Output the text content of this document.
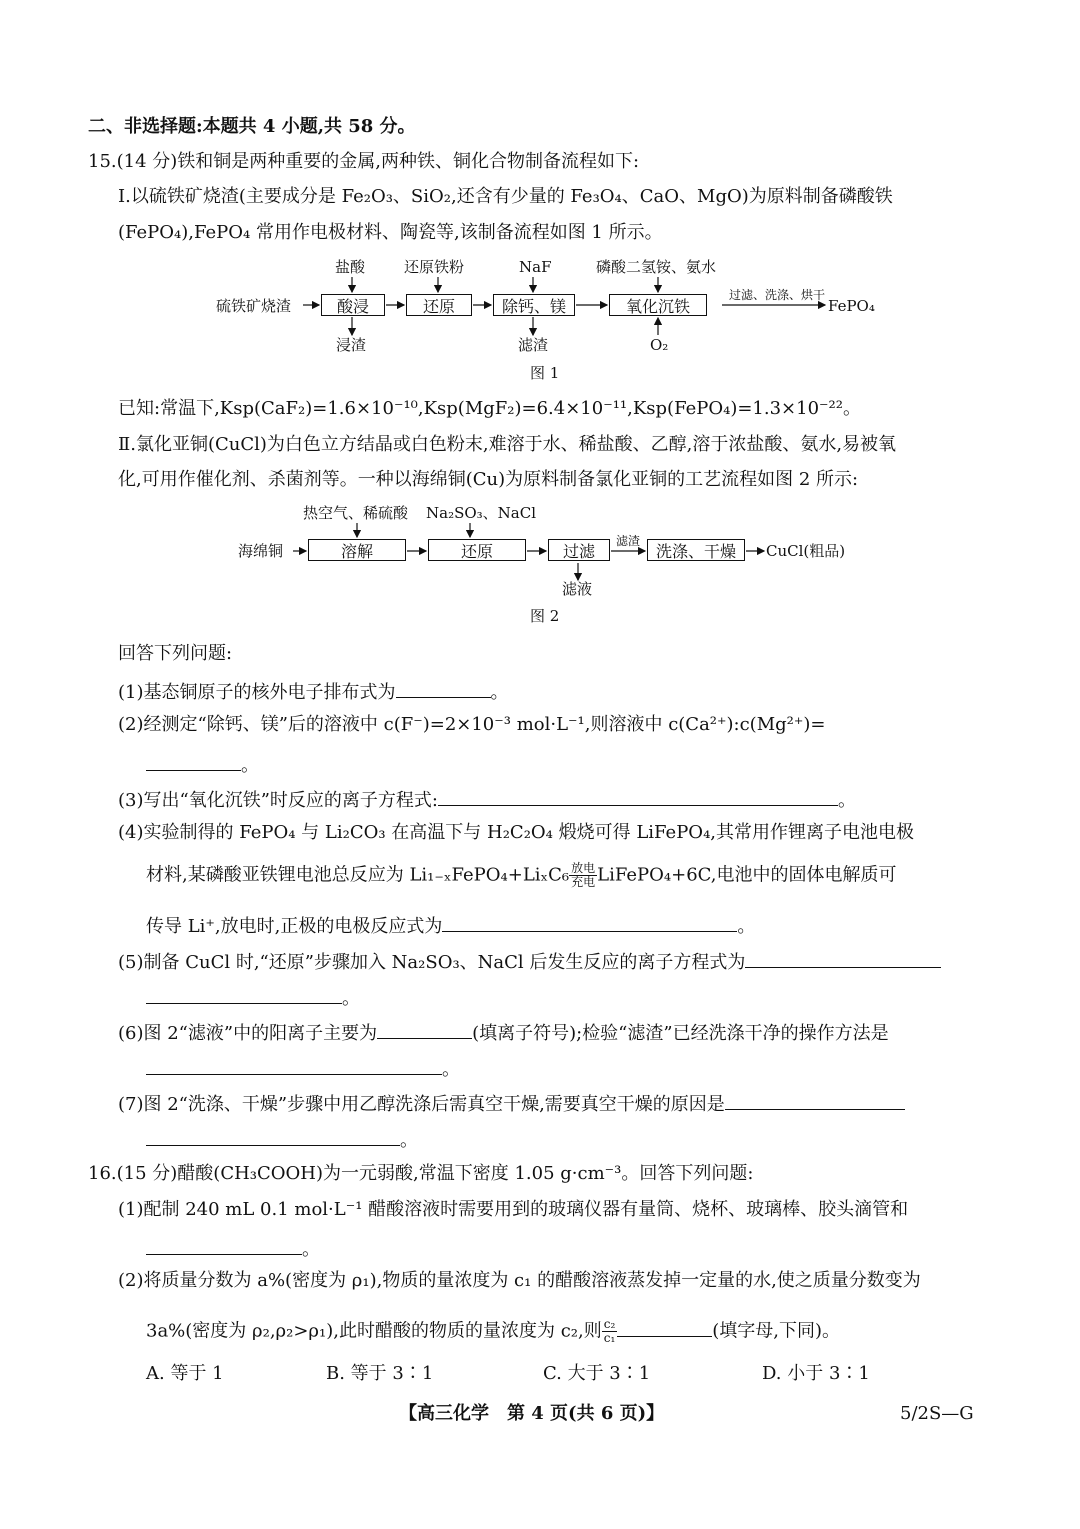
二、非选择题:本题共 4 小题,共 58 分。
15.(14 分)铁和铜是两种重要的金属,两种铁、铜化合物制备流程如下:
Ⅰ.以硫铁矿烧渣(主要成分是 Fe₂O₃、SiO₂,还含有少量的 Fe₃O₄、CaO、MgO)为原料制备磷酸铁
(FePO₄),FePO₄ 常用作电极材料、陶瓷等,该制备流程如图 1 所示。
盐酸	还原铁粉	NaF	磷酸二氢铵、氨水
硫铁矿烧渣	酸浸	还原	除钙、镁	氧化沉铁
过滤、洗涤、烘干
FePO₄
浸渣	滤渣	O₂
图 1
已知:常温下,Ksp(CaF₂)=1.6×10⁻¹⁰,Ksp(MgF₂)=6.4×10⁻¹¹,Ksp(FePO₄)=1.3×10⁻²²。
Ⅱ.氯化亚铜(CuCl)为白色立方结晶或白色粉末,难溶于水、稀盐酸、乙醇,溶于浓盐酸、氨水,易被氧
化,可用作催化剂、杀菌剂等。一种以海绵铜(Cu)为原料制备氯化亚铜的工艺流程如图 2 所示:
热空气、稀硫酸 Na₂SO₃、NaCl
海绵铜	溶解	还原	过滤
滤渣
洗涤、干燥	CuCl(粗品)
滤液
图 2
回答下列问题:
(1)基态铜原子的核外电子排布式为	。
(2)经测定“除钙、镁”后的溶液中 c(F⁻)=2×10⁻³ mol·L⁻¹,则溶液中 c(Ca²⁺):c(Mg²⁺)=
。
(3)写出“氧化沉铁”时反应的离子方程式:	。
(4)实验制得的 FePO₄ 与 Li₂CO₃ 在高温下与 H₂C₂O₄ 煅烧可得 LiFePO₄,其常用作锂离子电池电极
材料,某磷酸亚铁锂电池总反应为 Li₁₋ₓFePO₄+LiₓC₆ $\frac{\text{放电}}{\text{充电}}$ LiFePO₄+6C,电池中的固体电解质可
传导 Li⁺,放电时,正极的电极反应式为	。
(5)制备 CuCl 时,“还原”步骤加入 Na₂SO₃、NaCl 后发生反应的离子方程式为
。
(6)图 2“滤液”中的阳离子主要为	(填离子符号);检验“滤渣”已经洗涤干净的操作方法是
。
(7)图 2“洗涤、干燥”步骤中用乙醇洗涤后需真空干燥,需要真空干燥的原因是
。
16.(15 分)醋酸(CH₃COOH)为一元弱酸,常温下密度 1.05 g·cm⁻³。回答下列问题:
(1)配制 240 mL 0.1 mol·L⁻¹ 醋酸溶液时需要用到的玻璃仪器有量筒、烧杯、玻璃棒、胶头滴管和
。
(2)将质量分数为 a%(密度为 ρ₁),物质的量浓度为 c₁ 的醋酸溶液蒸发掉一定量的水,使之质量分数变为
3a%(密度为 ρ₂,ρ₂>ρ₁),此时醋酸的物质的量浓度为 c₂,则 $\frac{\text{c₂}}{\text{c₁}}$	(填字母,下同)。
A. 等于 1	B. 等于 3∶1	C. 大于 3∶1	D. 小于 3∶1
【高三化学　第 4 页(共 6 页)】	5/2S—G
